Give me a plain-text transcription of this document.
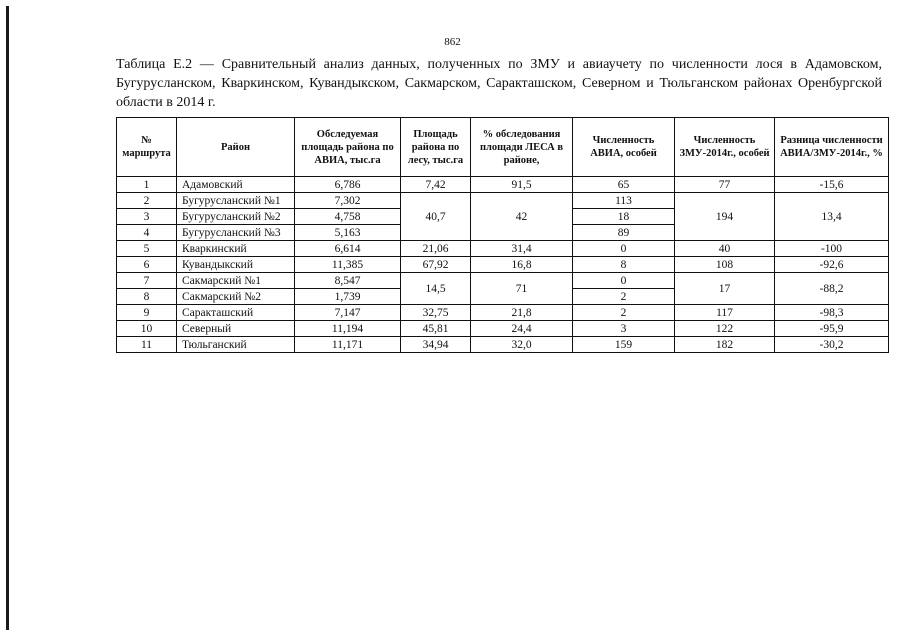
862
Таблица Е.2 — Сравнительный анализ данных, полученных по ЗМУ и авиаучету по численности лося в Адамовском, Бугурусланском, Кваркинском, Кувандыкском, Сакмарском, Саракташском, Северном и Тюльганском районах Оренбургской области в 2014 г.
№ маршрута	Район	Обследуемая площадь района по АВИА, тыс.га	Площадь района по лесу, тыс.га	% обследования площади ЛЕСА в районе,	Численность АВИА, особей	Численность ЗМУ-2014г., особей	Разница численности АВИА/ЗМУ-2014г., %
1	Адамовский	6,786	7,42	91,5	65	77	-15,6
2	Бугурусланский №1	7,302	40,7	42	113	194	13,4
3	Бугурусланский №2	4,758			18		
4	Бугурусланский №3	5,163			89		
5	Кваркинский	6,614	21,06	31,4	0	40	-100
6	Кувандыкский	11,385	67,92	16,8	8	108	-92,6
7	Сакмарский №1	8,547	14,5	71	0	17	-88,2
8	Сакмарский №2	1,739			2		
9	Саракташский	7,147	32,75	21,8	2	117	-98,3
10	Северный	11,194	45,81	24,4	3	122	-95,9
11	Тюльганский	11,171	34,94	32,0	159	182	-30,2
